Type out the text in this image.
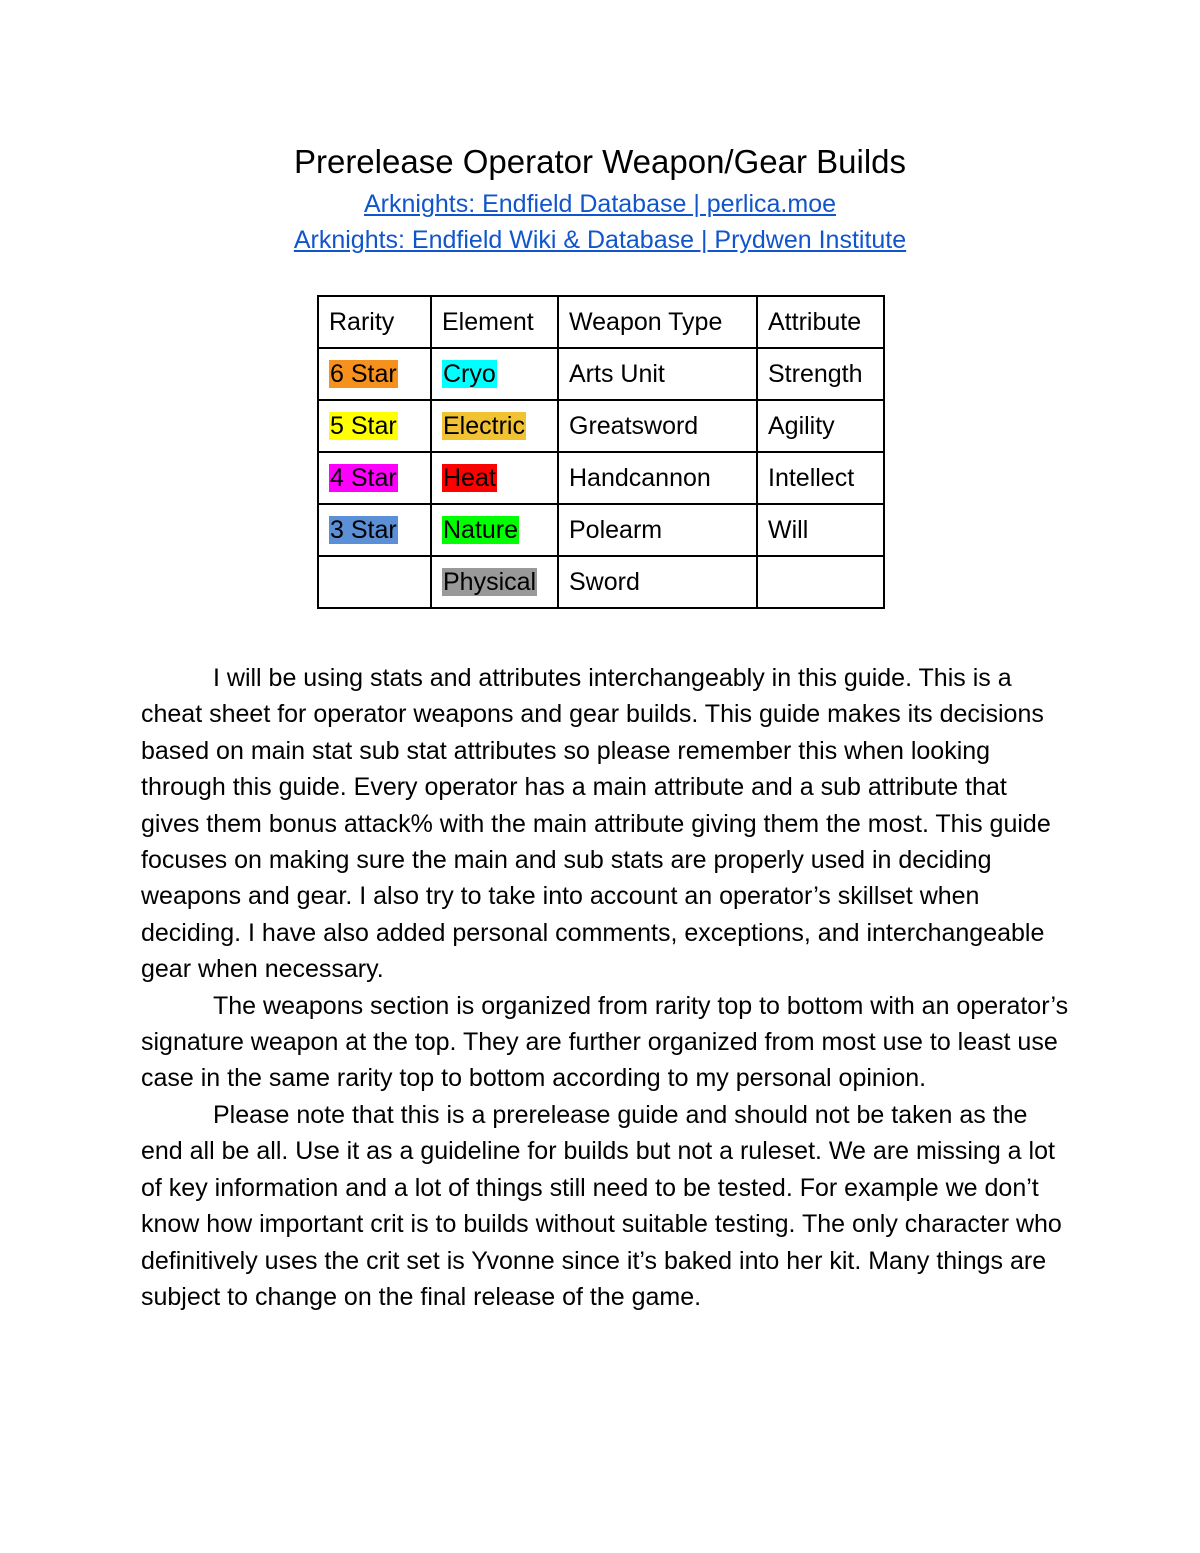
Prerelease Operator Weapon/Gear Builds
Arknights: Endfield Database | perlica.moe
Arknights: Endfield Wiki & Database | Prydwen Institute
Rarity	Element	Weapon Type	Attribute
6 Star	Cryo	Arts Unit	Strength
5 Star	Electric	Greatsword	Agility
4 Star	Heat	Handcannon	Intellect
3 Star	Nature	Polearm	Will
	Physical	Sword	

I will be using stats and attributes interchangeably in this guide. This is a cheat sheet for operator weapons and gear builds. This guide makes its decisions based on main stat sub stat attributes so please remember this when looking through this guide. Every operator has a main attribute and a sub attribute that gives them bonus attack% with the main attribute giving them the most. This guide focuses on making sure the main and sub stats are properly used in deciding weapons and gear. I also try to take into account an operator’s skillset when deciding. I have also added personal comments, exceptions, and interchangeable gear when necessary.

The weapons section is organized from rarity top to bottom with an operator’s signature weapon at the top. They are further organized from most use to least use case in the same rarity top to bottom according to my personal opinion.

Please note that this is a prerelease guide and should not be taken as the end all be all. Use it as a guideline for builds but not a ruleset. We are missing a lot of key information and a lot of things still need to be tested. For example we don’t know how important crit is to builds without suitable testing. The only character who definitively uses the crit set is Yvonne since it’s baked into her kit. Many things are subject to change on the final release of the game.
